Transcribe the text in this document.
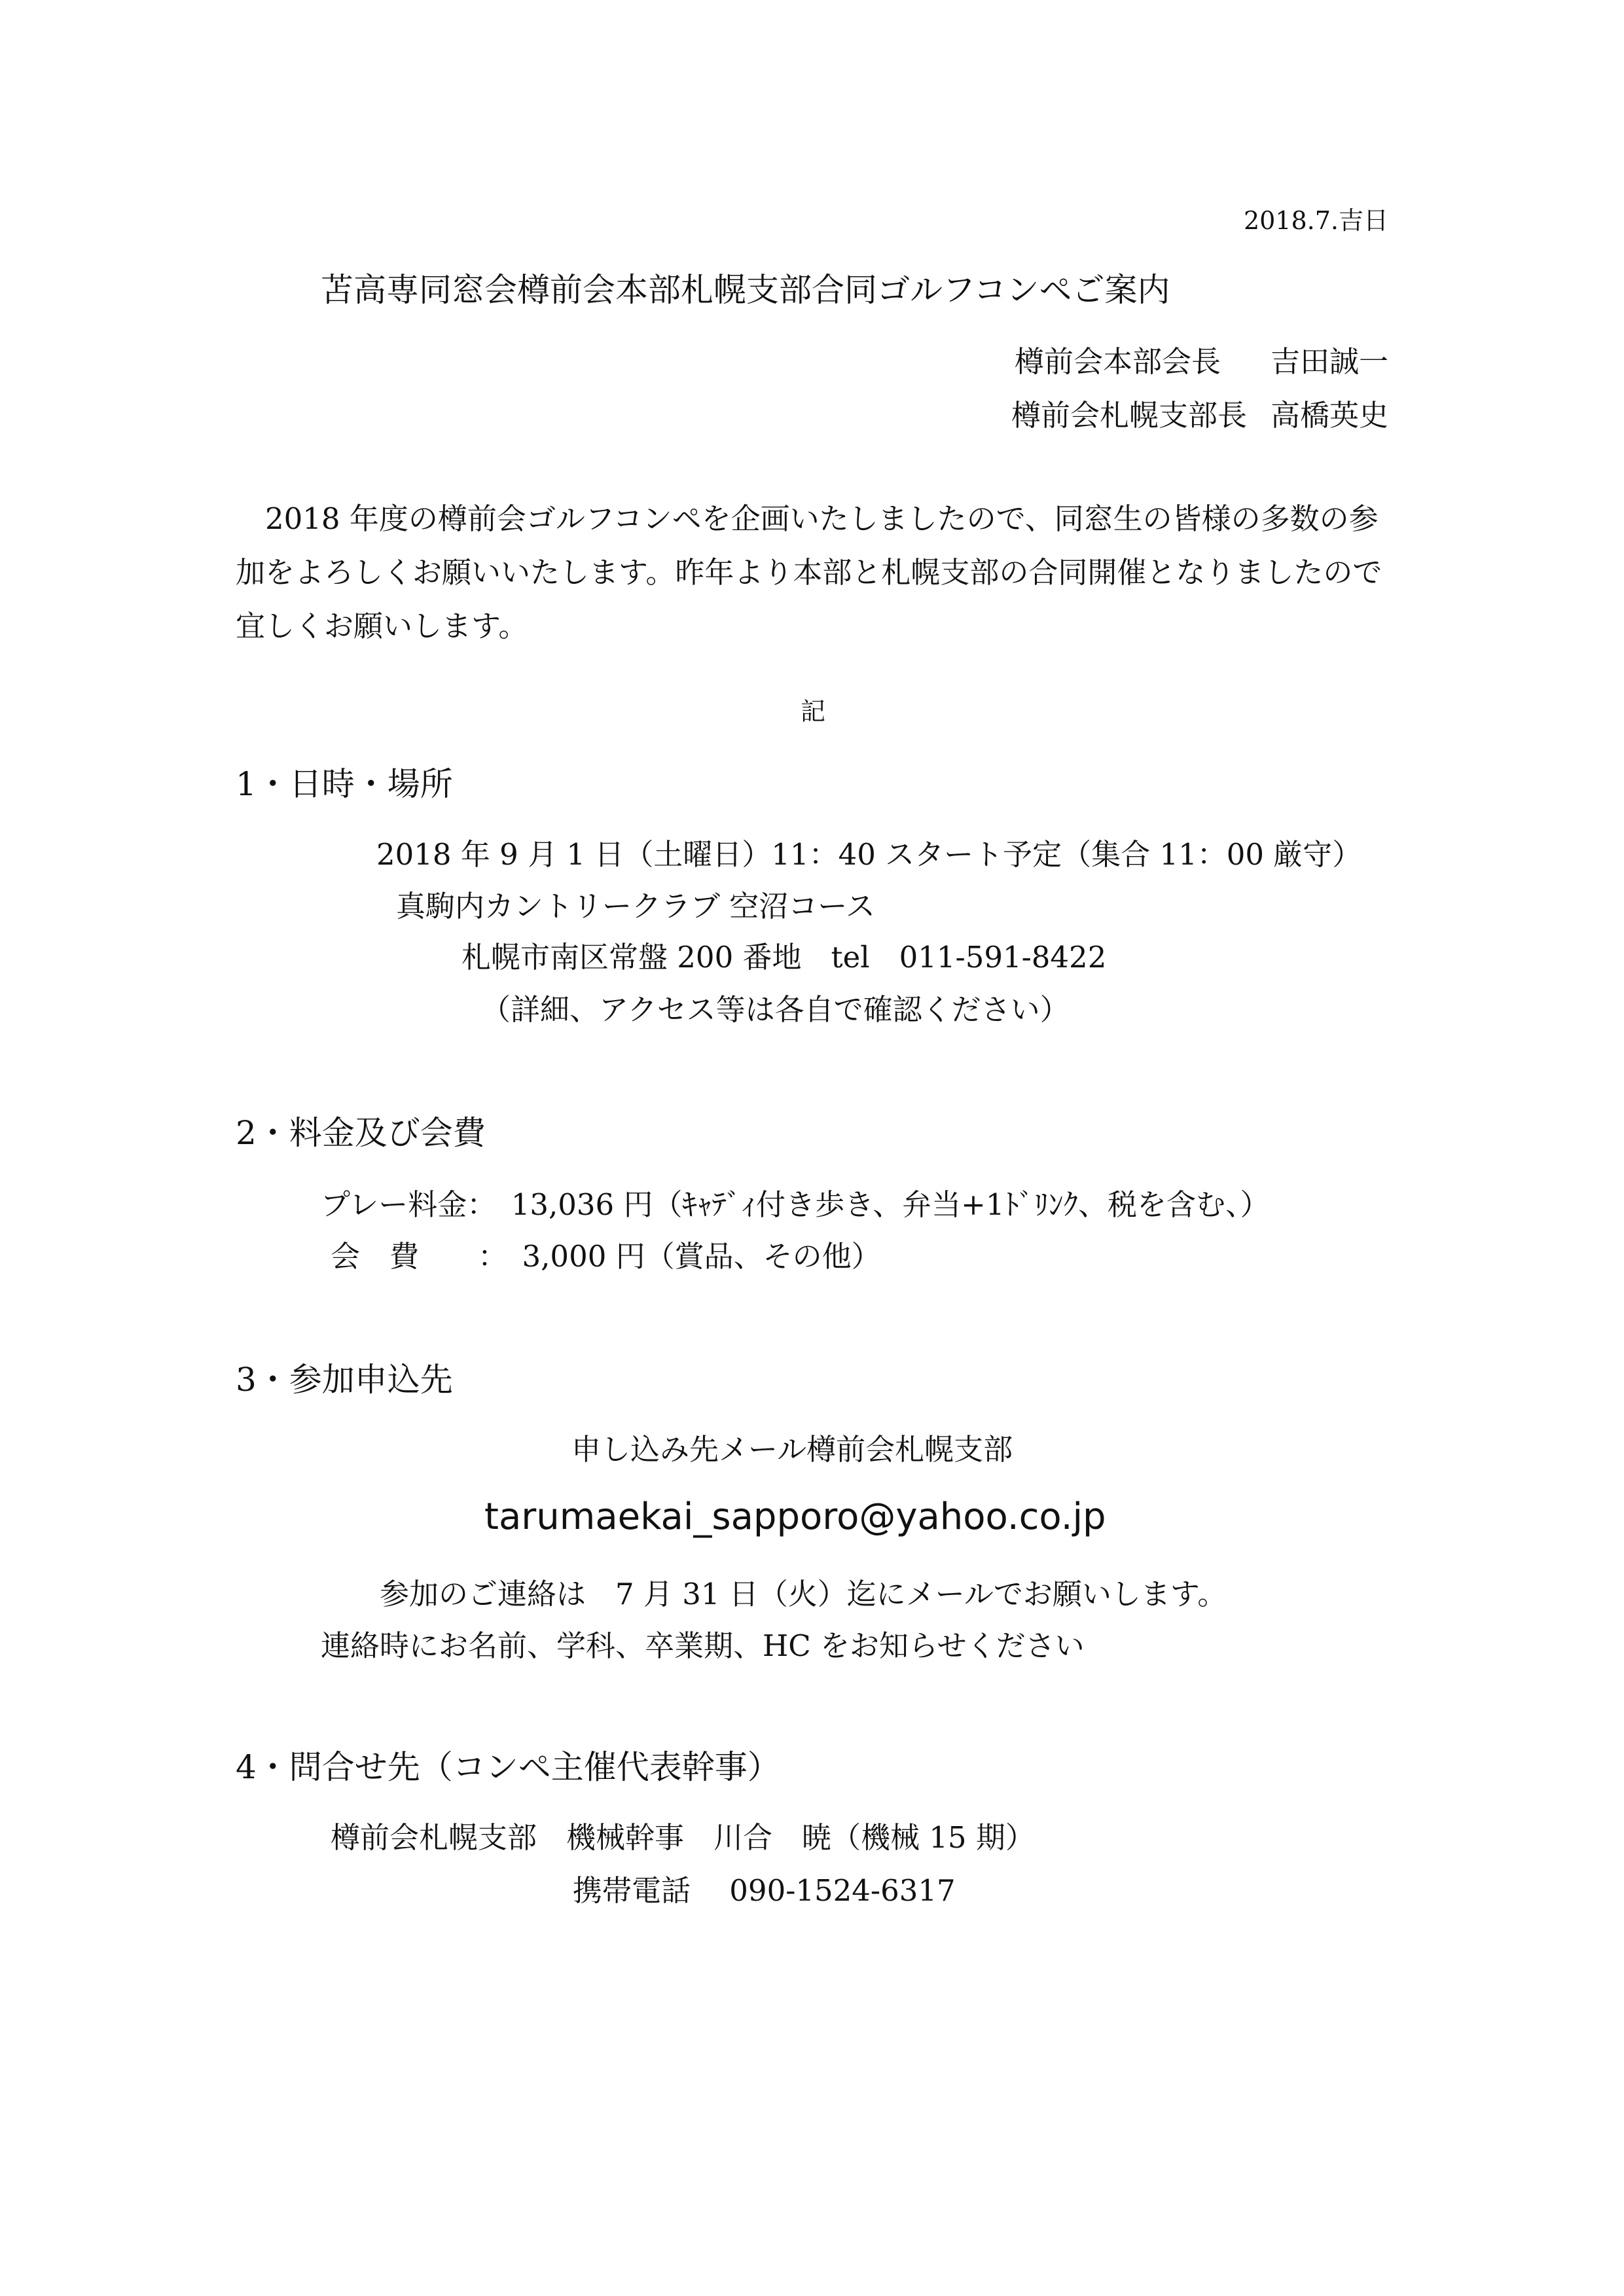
2018.7.吉日
苫高専同窓会樽前会本部札幌支部合同ゴルフコンペご案内
樽前会本部会長 吉田誠一
樽前会札幌支部長 高橋英史

2018 年度の樽前会ゴルフコンペを企画いたしましたので、同窓生の皆様の多数の参加をよろしくお願いいたします。昨年より本部と札幌支部の合同開催となりましたので宜しくお願いします。

記
1・日時・場所
2018 年 9 月 1 日（土曜日）11：40 スタート予定（集合 11：00 厳守）
真駒内カントリークラブ 空沼コース
札幌市南区常盤 200 番地　tel　011-591-8422
（詳細、アクセス等は各自で確認ください）
2・料金及び会費
プレー料金：　13,036 円（ｷｬﾃﾞｨ付き歩き、弁当+1ﾄﾞﾘﾝｸ、税を含む、）
会　費　　：　3,000 円（賞品、その他）
3・参加申込先
申し込み先メール樽前会札幌支部
tarumaekai_sapporo@yahoo.co.jp
参加のご連絡は　7 月 31 日（火）迄にメールでお願いします。
連絡時にお名前、学科、卒業期、HC をお知らせください
4・問合せ先（コンペ主催代表幹事）
樽前会札幌支部　機械幹事　川合　暁（機械 15 期）
携帯電話　 090-1524-6317
